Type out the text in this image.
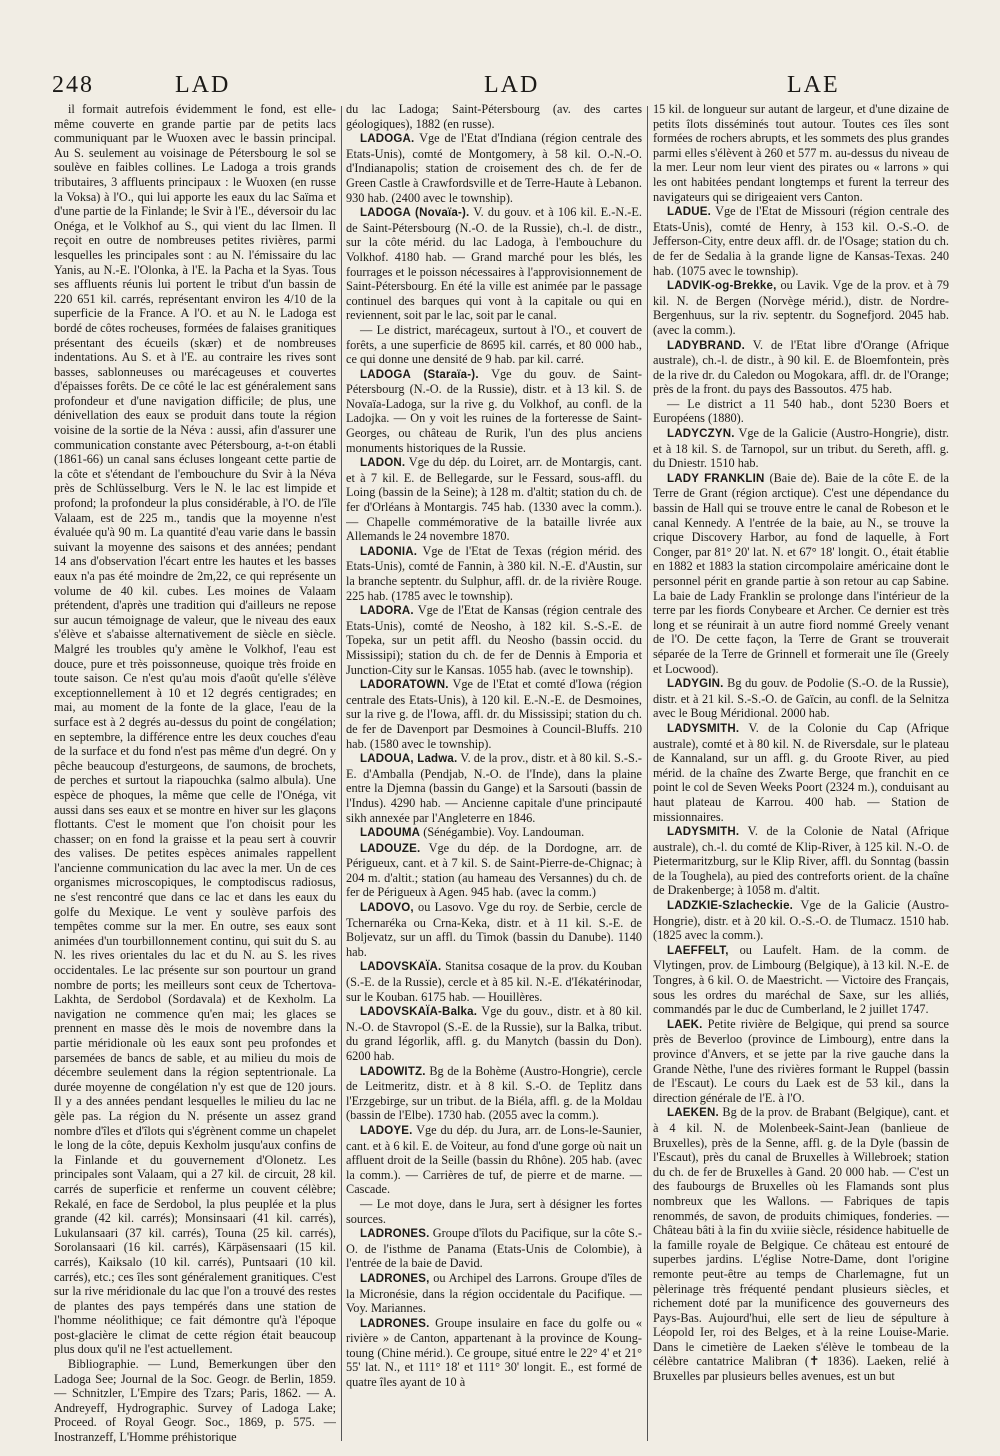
248	LAD	LAD	LAE

il formait autrefois évidemment le fond, est elle-même couverte en grande partie par de petits lacs communiquant par le Wuoxen avec le bassin principal. Au S. seulement au voisinage de Pétersbourg le sol se soulève en faibles collines. Le Ladoga a trois grands tributaires, 3 affluents principaux : le Wuoxen (en russe la Voksa) à l'O., qui lui apporte les eaux du lac Saïma et d'une partie de la Finlande; le Svir à l'E., déversoir du lac Onéga, et le Volkhof au S., qui vient du lac Ilmen. Il reçoit en outre de nombreuses petites rivières, parmi lesquelles les principales sont : au N. l'émissaire du lac Yanis, au N.-E. l'Olonka, à l'E. la Pacha et la Syas. Tous ses affluents réunis lui portent le tribut d'un bassin de 220 651 kil. carrés, représentant environ les 4/10 de la superficie de la France. A l'O. et au N. le Ladoga est bordé de côtes rocheuses, formées de falaises granitiques présentant des écueils (skær) et de nombreuses indentations. Au S. et à l'E. au contraire les rives sont basses, sablonneuses ou marécageuses et couvertes d'épaisses forêts. De ce côté le lac est généralement sans profondeur et d'une navigation difficile; de plus, une dénivellation des eaux se produit dans toute la région voisine de la sortie de la Néva : aussi, afin d'assurer une communication constante avec Pétersbourg, a-t-on établi (1861-66) un canal sans écluses longeant cette partie de la côte et s'étendant de l'embouchure du Svir à la Néva près de Schlüsselburg. Vers le N. le lac est limpide et profond; la profondeur la plus considérable, à l'O. de l'île Valaam, est de 225 m., tandis que la moyenne n'est évaluée qu'à 90 m. La quantité d'eau varie dans le bassin suivant la moyenne des saisons et des années; pendant 14 ans d'observation l'écart entre les hautes et les basses eaux n'a pas été moindre de 2m,22, ce qui représente un volume de 40 kil. cubes. Les moines de Valaam prétendent, d'après une tradition qui d'ailleurs ne repose sur aucun témoignage de valeur, que le niveau des eaux s'élève et s'abaisse alternativement de siècle en siècle. Malgré les troubles qu'y amène le Volkhof, l'eau est douce, pure et très poissonneuse, quoique très froide en toute saison. Ce n'est qu'au mois d'août qu'elle s'élève exceptionnellement à 10 et 12 degrés centigrades; en mai, au moment de la fonte de la glace, l'eau de la surface est à 2 degrés au-dessus du point de congélation; en septembre, la différence entre les deux couches d'eau de la surface et du fond n'est pas même d'un degré. On y pêche beaucoup d'esturgeons, de saumons, de brochets, de perches et surtout la riapouchka (salmo albula). Une espèce de phoques, la même que celle de l'Onéga, vit aussi dans ses eaux et se montre en hiver sur les glaçons flottants. C'est le moment que l'on choisit pour les chasser; on en fond la graisse et la peau sert à couvrir des valises. De petites espèces animales rappellent l'ancienne communication du lac avec la mer. Un de ces organismes microscopiques, le comptodiscus radiosus, ne s'est rencontré que dans ce lac et dans les eaux du golfe du Mexique. Le vent y soulève parfois des tempêtes comme sur la mer. En outre, ses eaux sont animées d'un tourbillonnement continu, qui suit du S. au N. les rives orientales du lac et du N. au S. les rives occidentales. Le lac présente sur son pourtour un grand nombre de ports; les meilleurs sont ceux de Tchertova-Lakhta, de Serdobol (Sordavala) et de Kexholm. La navigation ne commence qu'en mai; les glaces se prennent en masse dès le mois de novembre dans la partie méridionale où les eaux sont peu profondes et parsemées de bancs de sable, et au milieu du mois de décembre seulement dans la région septentrionale. La durée moyenne de congélation n'y est que de 120 jours. Il y a des années pendant lesquelles le milieu du lac ne gèle pas. La région du N. présente un assez grand nombre d'îles et d'îlots qui s'égrènent comme un chapelet le long de la côte, depuis Kexholm jusqu'aux confins de la Finlande et du gouvernement d'Olonetz. Les principales sont Valaam, qui a 27 kil. de circuit, 28 kil. carrés de superficie et renferme un couvent célèbre; Rekalé, en face de Serdobol, la plus peuplée et la plus grande (42 kil. carrés); Monsinsaari (41 kil. carrés), Lukulansaari (37 kil. carrés), Touna (25 kil. carrés), Sorolansaari (16 kil. carrés), Kärpäsensaari (15 kil. carrés), Kaiksalo (10 kil. carrés), Puntsaari (10 kil. carrés), etc.; ces îles sont généralement granitiques. C'est sur la rive méridionale du lac que l'on a trouvé des restes de plantes des pays tempérés dans une station de l'homme néolithique; ce fait démontre qu'à l'époque post-glacière le climat de cette région était beaucoup plus doux qu'il ne l'est actuellement.

Bibliographie. — Lund, Bemerkungen über den Ladoga See; Journal de la Soc. Geogr. de Berlin, 1859. — Schnitzler, L'Empire des Tzars; Paris, 1862. — A. Andreyeff, Hydrographic. Survey of Ladoga Lake; Proceed. of Royal Geogr. Soc., 1869, p. 575. — Inostranzeff, L'Homme préhistorique

du lac Ladoga; Saint-Pétersbourg (av. des cartes géologiques), 1882 (en russe).

LADOGA. Vge de l'Etat d'Indiana (région centrale des Etats-Unis), comté de Montgomery, à 58 kil. O.-N.-O. d'Indianapolis; station de croisement des ch. de fer de Green Castle à Crawfordsville et de Terre-Haute à Lebanon. 930 hab. (2400 avec le township).

LADOGA (Novaïa-). V. du gouv. et à 106 kil. E.-N.-E. de Saint-Pétersbourg (N.-O. de la Russie), ch.-l. de distr., sur la côte mérid. du lac Ladoga, à l'embouchure du Volkhof. 4180 hab. — Grand marché pour les blés, les fourrages et le poisson nécessaires à l'approvisionnement de Saint-Pétersbourg. En été la ville est animée par le passage continuel des barques qui vont à la capitale ou qui en reviennent, soit par le lac, soit par le canal.

— Le district, marécageux, surtout à l'O., et couvert de forêts, a une superficie de 8695 kil. carrés, et 80 000 hab., ce qui donne une densité de 9 hab. par kil. carré.

LADOGA (Staraïa-). Vge du gouv. de Saint-Pétersbourg (N.-O. de la Russie), distr. et à 13 kil. S. de Novaïa-Ladoga, sur la rive g. du Volkhof, au confl. de la Ladojka. — On y voit les ruines de la forteresse de Saint-Georges, ou château de Rurik, l'un des plus anciens monuments historiques de la Russie.

LADON. Vge du dép. du Loiret, arr. de Montargis, cant. et à 7 kil. E. de Bellegarde, sur le Fessard, sous-affl. du Loing (bassin de la Seine); à 128 m. d'altit; station du ch. de fer d'Orléans à Montargis. 745 hab. (1330 avec la comm.). — Chapelle commémorative de la bataille livrée aux Allemands le 24 novembre 1870.

LADONIA. Vge de l'Etat de Texas (région mérid. des Etats-Unis), comté de Fannin, à 380 kil. N.-E. d'Austin, sur la branche septentr. du Sulphur, affl. dr. de la rivière Rouge. 225 hab. (1785 avec le township).

LADORA. Vge de l'Etat de Kansas (région centrale des Etats-Unis), comté de Neosho, à 182 kil. S.-S.-E. de Topeka, sur un petit affl. du Neosho (bassin occid. du Mississipi); station du ch. de fer de Dennis à Emporia et Junction-City sur le Kansas. 1055 hab. (avec le township).

LADORATOWN. Vge de l'Etat et comté d'Iowa (région centrale des Etats-Unis), à 120 kil. E.-N.-E. de Desmoines, sur la rive g. de l'Iowa, affl. dr. du Mississipi; station du ch. de fer de Davenport par Desmoines à Council-Bluffs. 210 hab. (1580 avec le township).

LADOUA, Ladwa. V. de la prov., distr. et à 80 kil. S.-S.-E. d'Amballa (Pendjab, N.-O. de l'Inde), dans la plaine entre la Djemna (bassin du Gange) et la Sarsouti (bassin de l'Indus). 4290 hab. — Ancienne capitale d'une principauté sikh annexée par l'Angleterre en 1846.

LADOUMA (Sénégambie). Voy. Landouman.

LADOUZE. Vge du dép. de la Dordogne, arr. de Périgueux, cant. et à 7 kil. S. de Saint-Pierre-de-Chignac; à 204 m. d'altit.; station (au hameau des Versannes) du ch. de fer de Périgueux à Agen. 945 hab. (avec la comm.)

LADOVO, ou Lasovo. Vge du roy. de Serbie, cercle de Tchernaréka ou Crna-Keka, distr. et à 11 kil. S.-E. de Boljevatz, sur un affl. du Timok (bassin du Danube). 1140 hab.

LADOVSKAÏA. Stanitsa cosaque de la prov. du Kouban (S.-E. de la Russie), cercle et à 85 kil. N.-E. d'Iékatérinodar, sur le Kouban. 6175 hab. — Houillères.

LADOVSKAÏA-Balka. Vge du gouv., distr. et à 80 kil. N.-O. de Stavropol (S.-E. de la Russie), sur la Balka, tribut. du grand Iégorlik, affl. g. du Manytch (bassin du Don). 6200 hab.

LADOWITZ. Bg de la Bohème (Austro-Hongrie), cercle de Leitmeritz, distr. et à 8 kil. S.-O. de Teplitz dans l'Erzgebirge, sur un tribut. de la Biéla, affl. g. de la Moldau (bassin de l'Elbe). 1730 hab. (2055 avec la comm.).

LADOYE. Vge du dép. du Jura, arr. de Lons-le-Saunier, cant. et à 6 kil. E. de Voiteur, au fond d'une gorge où nait un affluent droit de la Seille (bassin du Rhône). 205 hab. (avec la comm.). — Carrières de tuf, de pierre et de marne. — Cascade.

— Le mot doye, dans le Jura, sert à désigner les fortes sources.

LADRONES. Groupe d'îlots du Pacifique, sur la côte S.-O. de l'isthme de Panama (Etats-Unis de Colombie), à l'entrée de la baie de David.

LADRONES, ou Archipel des Larrons. Groupe d'îles de la Micronésie, dans la région occidentale du Pacifique. — Voy. Mariannes.

LADRONES. Groupe insulaire en face du golfe ou « rivière » de Canton, appartenant à la province de Koung-toung (Chine mérid.). Ce groupe, situé entre le 22° 4' et 21° 55' lat. N., et 111° 18' et 111° 30' longit. E., est formé de quatre îles ayant de 10 à

15 kil. de longueur sur autant de largeur, et d'une dizaine de petits îlots disséminés tout autour. Toutes ces îles sont formées de rochers abrupts, et les sommets des plus grandes parmi elles s'élèvent à 260 et 577 m. au-dessus du niveau de la mer. Leur nom leur vient des pirates ou « larrons » qui les ont habitées pendant longtemps et furent la terreur des navigateurs qui se dirigeaient vers Canton.

LADUE. Vge de l'Etat de Missouri (région centrale des Etats-Unis), comté de Henry, à 153 kil. O.-S.-O. de Jefferson-City, entre deux affl. dr. de l'Osage; station du ch. de fer de Sedalia à la grande ligne de Kansas-Texas. 240 hab. (1075 avec le township).

LADVIK-og-Brekke, ou Lavik. Vge de la prov. et à 79 kil. N. de Bergen (Norvège mérid.), distr. de Nordre-Bergenhuus, sur la riv. septentr. du Sognefjord. 2045 hab. (avec la comm.).

LADYBRAND. V. de l'Etat libre d'Orange (Afrique australe), ch.-l. de distr., à 90 kil. E. de Bloemfontein, près de la rive dr. du Caledon ou Mogokara, affl. dr. de l'Orange; près de la front. du pays des Bassoutos. 475 hab.

— Le district a 11 540 hab., dont 5230 Boers et Européens (1880).

LADYCZYN. Vge de la Galicie (Austro-Hongrie), distr. et à 18 kil. S. de Tarnopol, sur un tribut. du Sereth, affl. g. du Dniestr. 1510 hab.

LADY FRANKLIN (Baie de). Baie de la côte E. de la Terre de Grant (région arctique). C'est une dépendance du bassin de Hall qui se trouve entre le canal de Robeson et le canal Kennedy. A l'entrée de la baie, au N., se trouve la crique Discovery Harbor, au fond de laquelle, à Fort Conger, par 81° 20' lat. N. et 67° 18' longit. O., était établie en 1882 et 1883 la station circompolaire américaine dont le personnel périt en grande partie à son retour au cap Sabine. La baie de Lady Franklin se prolonge dans l'intérieur de la terre par les fiords Conybeare et Archer. Ce dernier est très long et se réunirait à un autre fiord nommé Greely venant de l'O. De cette façon, la Terre de Grant se trouverait séparée de la Terre de Grinnell et formerait une île (Greely et Locwood).

LADYGIN. Bg du gouv. de Podolie (S.-O. de la Russie), distr. et à 21 kil. S.-S.-O. de Gaïcin, au confl. de la Selnitza avec le Boug Méridional. 2000 hab.

LADYSMITH. V. de la Colonie du Cap (Afrique australe), comté et à 80 kil. N. de Riversdale, sur le plateau de Kannaland, sur un affl. g. du Groote River, au pied mérid. de la chaîne des Zwarte Berge, que franchit en ce point le col de Seven Weeks Poort (2324 m.), conduisant au haut plateau de Karrou. 400 hab. — Station de missionnaires.

LADYSMITH. V. de la Colonie de Natal (Afrique australe), ch.-l. du comté de Klip-River, à 125 kil. N.-O. de Pietermaritzburg, sur le Klip River, affl. du Sonntag (bassin de la Toughela), au pied des contreforts orient. de la chaîne de Drakenberge; à 1058 m. d'altit.

LADZKIE-Szlacheckie. Vge de la Galicie (Austro-Hongrie), distr. et à 20 kil. O.-S.-O. de Tlumacz. 1510 hab. (1825 avec la comm.).

LAEFFELT, ou Laufelt. Ham. de la comm. de Vlytingen, prov. de Limbourg (Belgique), à 13 kil. N.-E. de Tongres, à 6 kil. O. de Maestricht. — Victoire des Français, sous les ordres du maréchal de Saxe, sur les alliés, commandés par le duc de Cumberland, le 2 juillet 1747.

LAEK. Petite rivière de Belgique, qui prend sa source près de Beverloo (province de Limbourg), entre dans la province d'Anvers, et se jette par la rive gauche dans la Grande Nèthe, l'une des rivières formant le Ruppel (bassin de l'Escaut). Le cours du Laek est de 53 kil., dans la direction générale de l'E. à l'O.

LAEKEN. Bg de la prov. de Brabant (Belgique), cant. et à 4 kil. N. de Molenbeek-Saint-Jean (banlieue de Bruxelles), près de la Senne, affl. g. de la Dyle (bassin de l'Escaut), près du canal de Bruxelles à Willebroek; station du ch. de fer de Bruxelles à Gand. 20 000 hab. — C'est un des faubourgs de Bruxelles où les Flamands sont plus nombreux que les Wallons. — Fabriques de tapis renommés, de savon, de produits chimiques, fonderies. — Château bâti à la fin du xviiie siècle, résidence habituelle de la famille royale de Belgique. Ce château est entouré de superbes jardins. L'église Notre-Dame, dont l'origine remonte peut-être au temps de Charlemagne, fut un pèlerinage très fréquenté pendant plusieurs siècles, et richement doté par la munificence des gouverneurs des Pays-Bas. Aujourd'hui, elle sert de lieu de sépulture à Léopold Ier, roi des Belges, et à la reine Louise-Marie. Dans le cimetière de Laeken s'élève le tombeau de la célèbre cantatrice Malibran (✝ 1836). Laeken, relié à Bruxelles par plusieurs belles avenues, est un but
